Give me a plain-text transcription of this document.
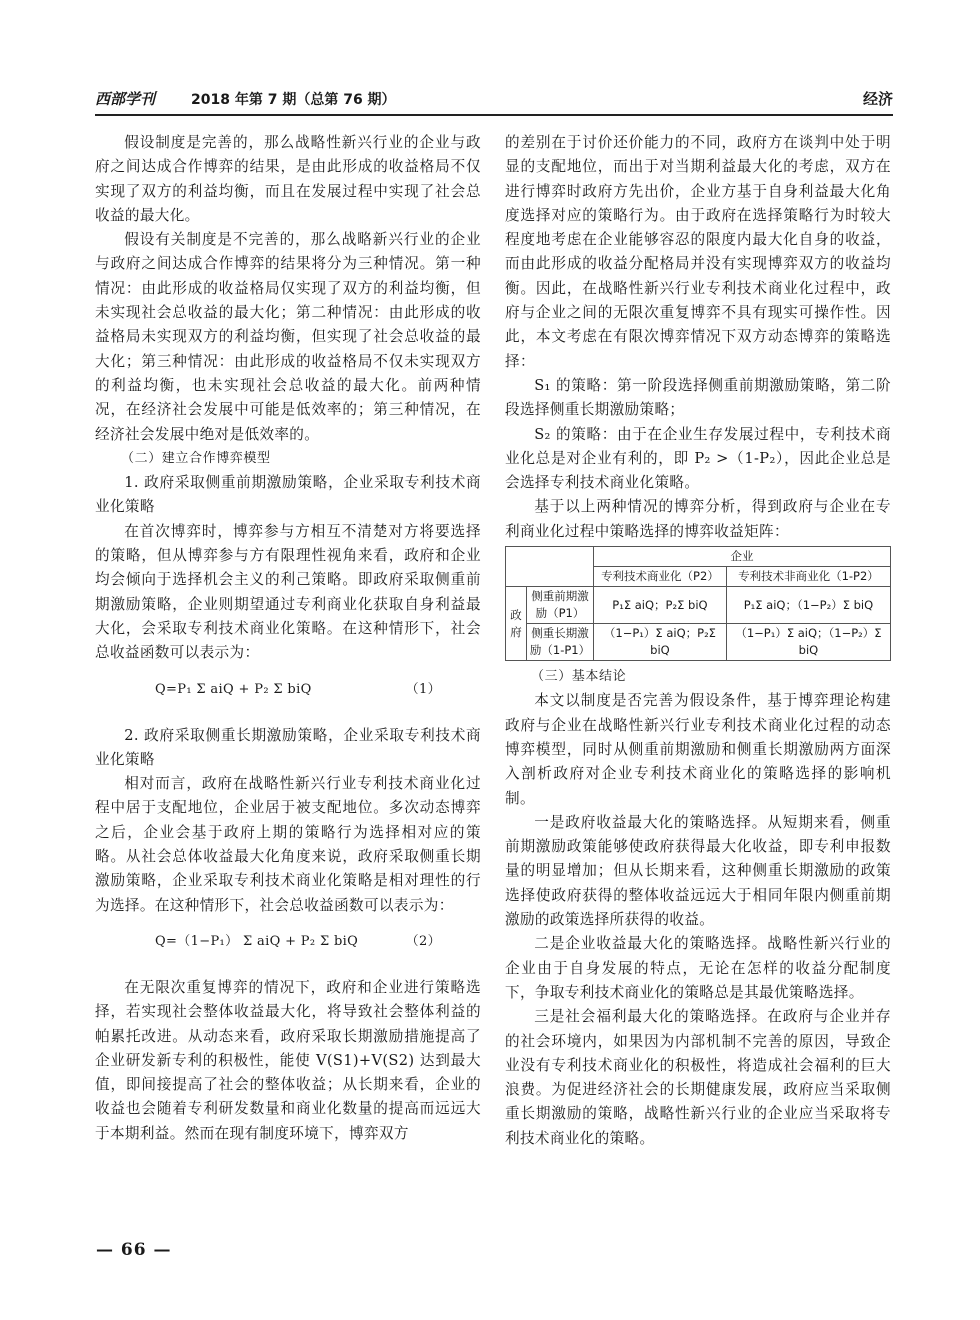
西部学刊	2018 年第 7 期（总第 76 期）	经济

假设制度是完善的，那么战略性新兴行业的企业与政府之间达成合作博弈的结果，是由此形成的收益格局不仅实现了双方的利益均衡，而且在发展过程中实现了社会总收益的最大化。

假设有关制度是不完善的，那么战略新兴行业的企业与政府之间达成合作博弈的结果将分为三种情况。第一种情况：由此形成的收益格局仅实现了双方的利益均衡，但未实现社会总收益的最大化；第二种情况：由此形成的收益格局未实现双方的利益均衡，但实现了社会总收益的最大化；第三种情况：由此形成的收益格局不仅未实现双方的利益均衡，也未实现社会总收益的最大化。前两种情况，在经济社会发展中可能是低效率的；第三种情况，在经济社会发展中绝对是低效率的。

（二）建立合作博弈模型

1. 政府采取侧重前期激励策略，企业采取专利技术商业化策略

在首次博弈时，博弈参与方相互不清楚对方将要选择的策略，但从博弈参与方有限理性视角来看，政府和企业均会倾向于选择机会主义的利己策略。即政府采取侧重前期激励策略，企业则期望通过专利商业化获取自身利益最大化，会采取专利技术商业化策略。在这种情形下，社会总收益函数可以表示为：

Q=P₁ Σ aiQ + P₂ Σ biQ	（1）

2. 政府采取侧重长期激励策略，企业采取专利技术商业化策略

相对而言，政府在战略性新兴行业专利技术商业化过程中居于支配地位，企业居于被支配地位。多次动态博弈之后，企业会基于政府上期的策略行为选择相对应的策略。从社会总体收益最大化角度来说，政府采取侧重长期激励策略，企业采取专利技术商业化策略是相对理性的行为选择。在这种情形下，社会总收益函数可以表示为：

Q=（1−P₁） Σ aiQ + P₂ Σ biQ	（2）

在无限次重复博弈的情况下，政府和企业进行策略选择，若实现社会整体收益最大化，将导致社会整体利益的帕累托改进。从动态来看，政府采取长期激励措施提高了企业研发新专利的积极性，能使 V(S1)+V(S2) 达到最大值，即间接提高了社会的整体收益；从长期来看，企业的收益也会随着专利研发数量和商业化数量的提高而远远大于本期利益。然而在现有制度环境下，博弈双方

的差别在于讨价还价能力的不同，政府方在谈判中处于明显的支配地位，而出于对当期利益最大化的考虑，双方在进行博弈时政府方先出价，企业方基于自身利益最大化角度选择对应的策略行为。由于政府在选择策略行为时较大程度地考虑在企业能够容忍的限度内最大化自身的收益，而由此形成的收益分配格局并没有实现博弈双方的收益均衡。因此，在战略性新兴行业专利技术商业化过程中，政府与企业之间的无限次重复博弈不具有现实可操作性。因此，本文考虑在有限次博弈情况下双方动态博弈的策略选择：

S₁ 的策略：第一阶段选择侧重前期激励策略，第二阶段选择侧重长期激励策略；

S₂ 的策略：由于在企业生存发展过程中，专利技术商业化总是对企业有利的，即 P₂ >（1-P₂），因此企业总是会选择专利技术商业化策略。

基于以上两种情况的博弈分析，得到政府与企业在专利商业化过程中策略选择的博弈收益矩阵：

		企业	
		专利技术商业化（P2）	专利技术非商业化（1-P2）
政府	侧重前期激励（P1）	P₁Σ aiQ；P₂Σ biQ	P₁Σ aiQ；（1−P₂）Σ biQ
	侧重长期激励（1-P1）	（1−P₁）Σ aiQ；P₂Σ biQ	（1−P₁）Σ aiQ；（1−P₂）Σ biQ

（三）基本结论

本文以制度是否完善为假设条件，基于博弈理论构建政府与企业在战略性新兴行业专利技术商业化过程的动态博弈模型，同时从侧重前期激励和侧重长期激励两方面深入剖析政府对企业专利技术商业化的策略选择的影响机制。

一是政府收益最大化的策略选择。从短期来看，侧重前期激励政策能够使政府获得最大化收益，即专利申报数量的明显增加；但从长期来看，这种侧重长期激励的政策选择使政府获得的整体收益远远大于相同年限内侧重前期激励的政策选择所获得的收益。

二是企业收益最大化的策略选择。战略性新兴行业的企业由于自身发展的特点，无论在怎样的收益分配制度下，争取专利技术商业化的策略总是其最优策略选择。

三是社会福利最大化的策略选择。在政府与企业并存的社会环境内，如果因为内部机制不完善的原因，导致企业没有专利技术商业化的积极性，将造成社会福利的巨大浪费。为促进经济社会的长期健康发展，政府应当采取侧重长期激励的策略，战略性新兴行业的企业应当采取将专利技术商业化的策略。

— 66 —
